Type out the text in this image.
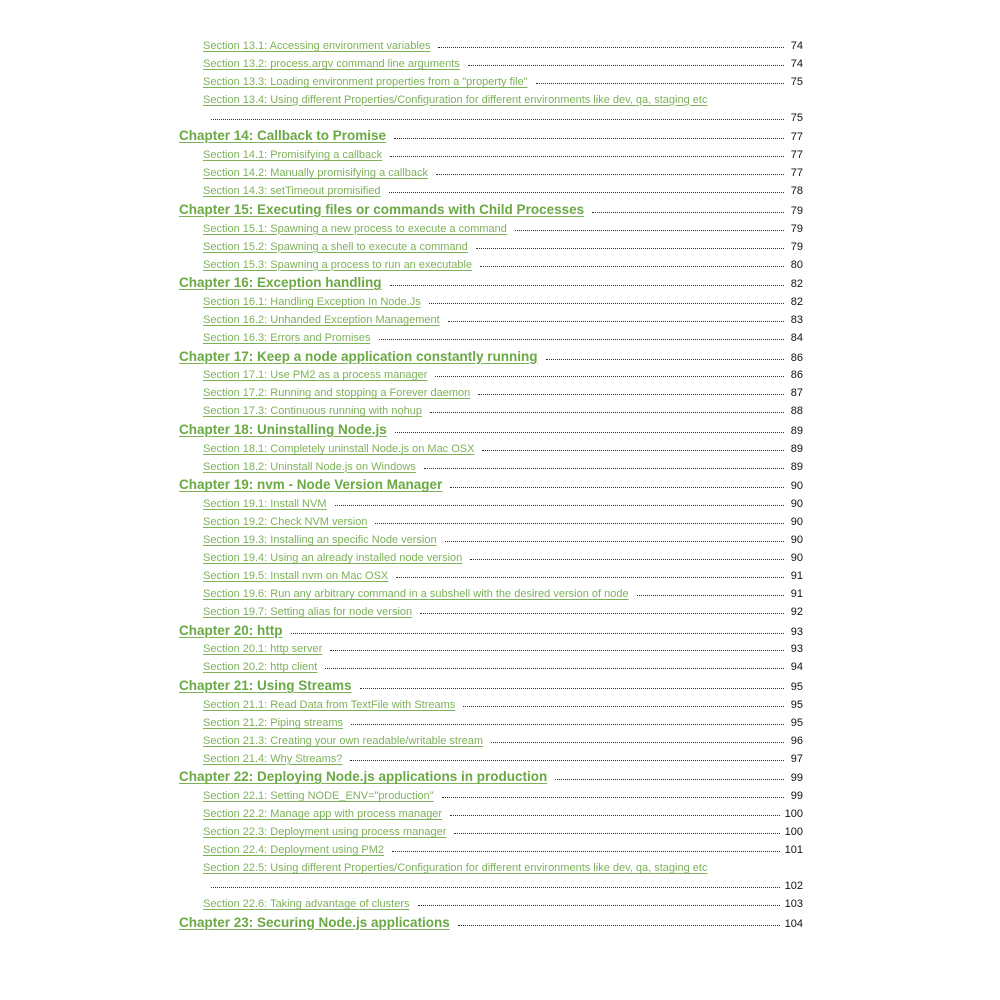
Section 13.1: Accessing environment variables	74
Section 13.2: process.argv command line arguments	74
Section 13.3: Loading environment properties from a "property file"	75
Section 13.4: Using different Properties/Configuration for different environments like dev, qa, staging etc
75
Chapter 14: Callback to Promise	77
Section 14.1: Promisifying a callback	77
Section 14.2: Manually promisifying a callback	77
Section 14.3: setTimeout promisified	78
Chapter 15: Executing files or commands with Child Processes	79
Section 15.1: Spawning a new process to execute a command	79
Section 15.2: Spawning a shell to execute a command	79
Section 15.3: Spawning a process to run an executable	80
Chapter 16: Exception handling	82
Section 16.1: Handling Exception In Node.Js	82
Section 16.2: Unhanded Exception Management	83
Section 16.3: Errors and Promises	84
Chapter 17: Keep a node application constantly running	86
Section 17.1: Use PM2 as a process manager	86
Section 17.2: Running and stopping a Forever daemon	87
Section 17.3: Continuous running with nohup	88
Chapter 18: Uninstalling Node.js	89
Section 18.1: Completely uninstall Node.js on Mac OSX	89
Section 18.2: Uninstall Node.js on Windows	89
Chapter 19: nvm - Node Version Manager	90
Section 19.1: Install NVM	90
Section 19.2: Check NVM version	90
Section 19.3: Installing an specific Node version	90
Section 19.4: Using an already installed node version	90
Section 19.5: Install nvm on Mac OSX	91
Section 19.6: Run any arbitrary command in a subshell with the desired version of node	91
Section 19.7: Setting alias for node version	92
Chapter 20: http	93
Section 20.1: http server	93
Section 20.2: http client	94
Chapter 21: Using Streams	95
Section 21.1: Read Data from TextFile with Streams	95
Section 21.2: Piping streams	95
Section 21.3: Creating your own readable/writable stream	96
Section 21.4: Why Streams?	97
Chapter 22: Deploying Node.js applications in production	99
Section 22.1: Setting NODE_ENV="production"	99
Section 22.2: Manage app with process manager	100
Section 22.3: Deployment using process manager	100
Section 22.4: Deployment using PM2	101
Section 22.5: Using different Properties/Configuration for different environments like dev, qa, staging etc
102
Section 22.6: Taking advantage of clusters	103
Chapter 23: Securing Node.js applications	104
